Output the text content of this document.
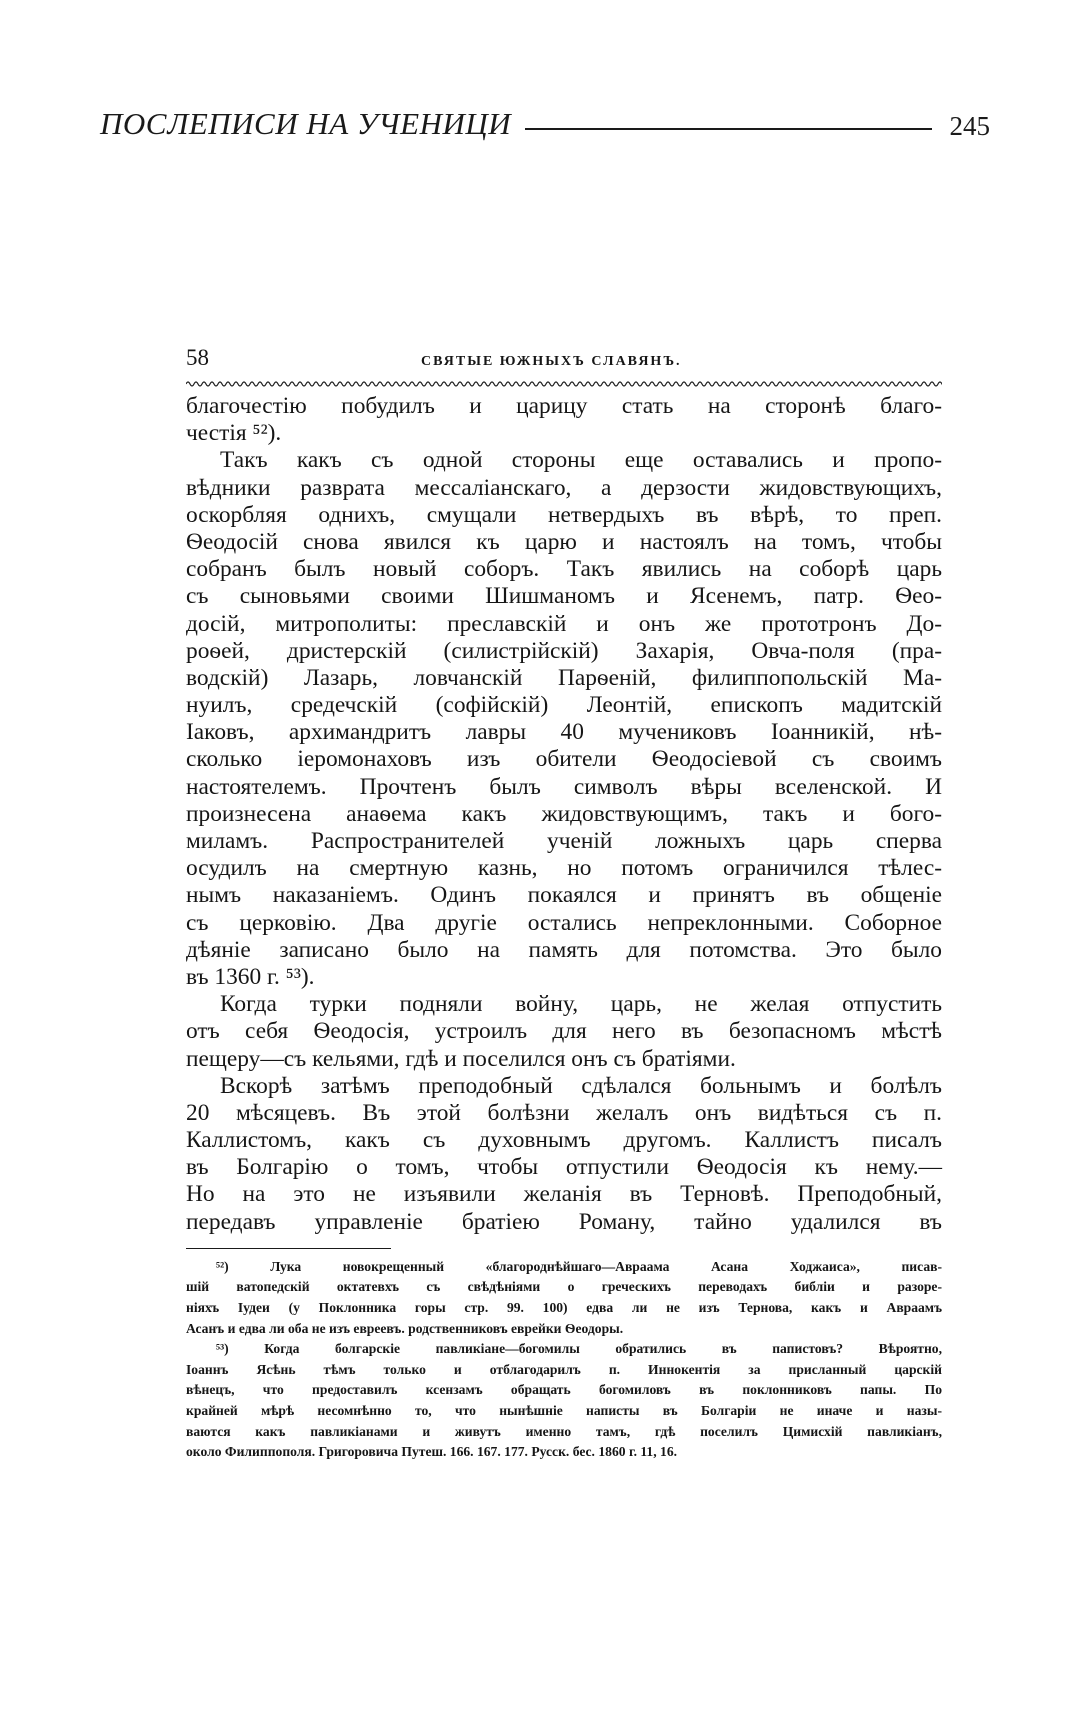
ПОСЛЕПИСИ НА УЧЕНИЦИ	245
58	СВЯТЫЕ ЮЖНЫХЪ СЛАВЯНЪ.
благочестію побудилъ и царицу стать на сторонѣ благо-
честія ⁵²).
Такъ какъ съ одной стороны еще оставались и пропо-
вѣдники разврата мессаліанскаго, а дерзости жидовствующихъ,
оскорбляя однихъ, смущали нетвердыхъ въ вѣрѣ, то преп.
Ѳеодосій снова явился къ царю и настоялъ на томъ, чтобы
собранъ былъ новый соборъ. Такъ явились на соборѣ царь
съ сыновьями своими Шишманомъ и Ясенемъ, патр. Ѳео-
досій, митрополиты: преславскій и онъ же прототронъ До-
роѳей, дристерскій (силистрійскій) Захарія, Овча-поля (пра-
водскій) Лазарь, ловчанскій Парѳеній, филиппопольскій Ма-
нуилъ, средечскій (софійскій) Леонтій, епископъ мадитскій
Іаковъ, архимандритъ лавры 40 мучениковъ Іоанникій, нѣ-
сколько іеромонаховъ изъ обители Ѳеодосіевой съ своимъ
настоятелемъ. Прочтенъ былъ символъ вѣры вселенской. И
произнесена анаѳема какъ жидовствующимъ, такъ и бого-
миламъ. Распространителей ученій ложныхъ царь сперва
осудилъ на смертную казнь, но потомъ ограничился тѣлес-
нымъ наказаніемъ. Одинъ покаялся и принятъ въ общеніе
съ церковію. Два другіе остались непреклонными. Соборное
дѣяніе записано было на память для потомства. Это было
въ 1360 г. ⁵³).
Когда турки подняли войну, царь, не желая отпустить
отъ себя Ѳеодосія, устроилъ для него въ безопасномъ мѣстѣ
пещеру—съ кельями, гдѣ и поселился онъ съ братіями.
Вскорѣ затѣмъ преподобный сдѣлался больнымъ и болѣлъ
20 мѣсяцевъ. Въ этой болѣзни желалъ онъ видѣться съ п.
Каллистомъ, какъ съ духовнымъ другомъ. Каллистъ писалъ
въ Болгарію о томъ, чтобы отпустили Ѳеодосія къ нему.—
Но на это не изъявили желанія въ Терновѣ. Преподобный,
передавъ управленіе братіею Роману, тайно удалился въ
⁵²) Лука новокрещенный «благороднѣйшаго—Авраама Асана Ходжаиса», писав-
шій ватопедскій октатевхъ съ свѣдѣніями о греческихъ переводахъ библіи и разоре-
ніяхъ Іудеи (у Поклонника горы стр. 99. 100) едва ли не изъ Тернова, какъ и Авраамъ
Асанъ и едва ли оба не изъ евреевъ. родственниковъ еврейки Ѳеодоры.
⁵³) Когда болгарскіе павликіане—богомилы обратились въ папистовъ? Вѣроятно,
Іоаннъ Ясѣнь тѣмъ только и отблагодарилъ п. Иннокентія за присланный царскій
вѣнецъ, что предоставилъ ксензамъ обращать богомиловъ въ поклонниковъ папы. По
крайней мѣрѣ несомнѣнно то, что нынѣшніе написты въ Болгаріи не иначе и назы-
ваются какъ павликіанами и живутъ именно тамъ, гдѣ поселилъ Цимисхій павликіанъ,
около Филиппополя. Григоровича Путеш. 166. 167. 177. Русск. бес. 1860 г. 11, 16.
